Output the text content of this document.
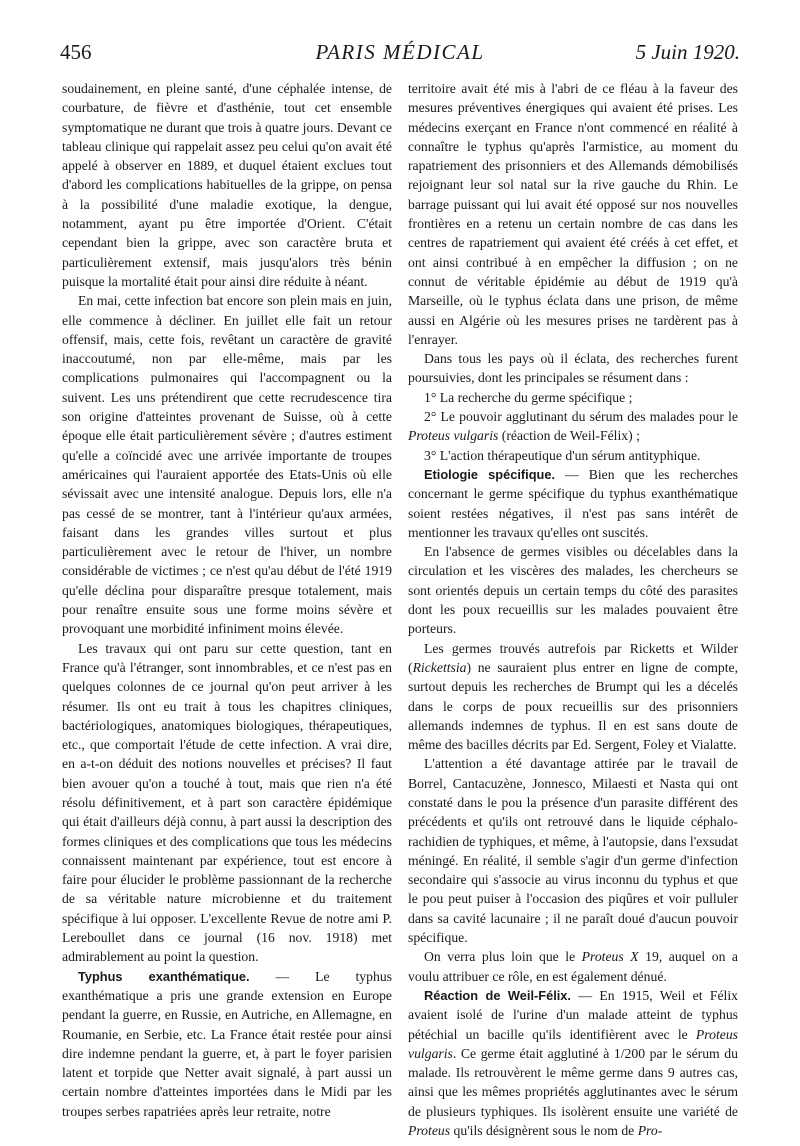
PARIS MÉDICAL
456	5 Juin 1920.

soudainement, en pleine santé, d'une céphalée intense, de courbature, de fièvre et d'asthénie, tout cet ensemble symptomatique ne durant que trois à quatre jours. Devant ce tableau clinique qui rappelait assez peu celui qu'on avait été appelé à observer en 1889, et duquel étaient exclues tout d'abord les complications habituelles de la grippe, on pensa à la possibilité d'une maladie exotique, la dengue, notamment, ayant pu être importée d'Orient. C'était cependant bien la grippe, avec son caractère bruta et particulièrement extensif, mais jusqu'alors très bénin puisque la mortalité était pour ainsi dire réduite à néant.

En mai, cette infection bat encore son plein mais en juin, elle commence à décliner. En juillet elle fait un retour offensif, mais, cette fois, revêtant un caractère de gravité inaccoutumé, non par elle-même, mais par les complications pulmonaires qui l'accompagnent ou la suivent. Les uns prétendirent que cette recrudescence tira son origine d'atteintes provenant de Suisse, où à cette époque elle était particulièrement sévère ; d'autres estiment qu'elle a coïncidé avec une arrivée importante de troupes américaines qui l'auraient apportée des Etats-Unis où elle sévissait avec une intensité analogue. Depuis lors, elle n'a pas cessé de se montrer, tant à l'intérieur qu'aux armées, faisant dans les grandes villes surtout et plus particulièrement avec le retour de l'hiver, un nombre considérable de victimes ; ce n'est qu'au début de l'été 1919 qu'elle déclina pour disparaître presque totalement, mais pour renaître ensuite sous une forme moins sévère et provoquant une morbidité infiniment moins élevée.

Les travaux qui ont paru sur cette question, tant en France qu'à l'étranger, sont innombrables, et ce n'est pas en quelques colonnes de ce journal qu'on peut arriver à les résumer. Ils ont eu trait à tous les chapitres cliniques, bactériologiques, anatomiques biologiques, thérapeutiques, etc., que comportait l'étude de cette infection. A vrai dire, en a-t-on déduit des notions nouvelles et précises? Il faut bien avouer qu'on a touché à tout, mais que rien n'a été résolu définitivement, et à part son caractère épidémique qui était d'ailleurs déjà connu, à part aussi la description des formes cliniques et des complications que tous les médecins connaissent maintenant par expérience, tout est encore à faire pour élucider le problème passionnant de la recherche de sa véritable nature microbienne et du traitement spécifique à lui opposer. L'excellente Revue de notre ami P. Lereboullet dans ce journal (16 nov. 1918) met admirablement au point la question.

Typhus exanthématique. — Le typhus exanthématique a pris une grande extension en Europe pendant la guerre, en Russie, en Autriche, en Allemagne, en Roumanie, en Serbie, etc. La France était restée pour ainsi dire indemne pendant la guerre, et, à part le foyer parisien latent et torpide que Netter avait signalé, à part aussi un certain nombre d'atteintes importées dans le Midi par les troupes serbes rapatriées après leur retraite, notre

territoire avait été mis à l'abri de ce fléau à la faveur des mesures préventives énergiques qui avaient été prises. Les médecins exerçant en France n'ont commencé en réalité à connaître le typhus qu'après l'armistice, au moment du rapatriement des prisonniers et des Allemands démobilisés rejoignant leur sol natal sur la rive gauche du Rhin. Le barrage puissant qui lui avait été opposé sur nos nouvelles frontières en a retenu un certain nombre de cas dans les centres de rapatriement qui avaient été créés à cet effet, et ont ainsi contribué à en empêcher la diffusion ; on ne connut de véritable épidémie au début de 1919 qu'à Marseille, où le typhus éclata dans une prison, de même aussi en Algérie où les mesures prises ne tardèrent pas à l'enrayer.

Dans tous les pays où il éclata, des recherches furent poursuivies, dont les principales se résument dans :

1° La recherche du germe spécifique ;

2° Le pouvoir agglutinant du sérum des malades pour le Proteus vulgaris (réaction de Weil-Félix) ;

3° L'action thérapeutique d'un sérum antityphique.

Etiologie spécifique. — Bien que les recherches concernant le germe spécifique du typhus exanthématique soient restées négatives, il n'est pas sans intérêt de mentionner les travaux qu'elles ont suscités.

En l'absence de germes visibles ou décelables dans la circulation et les viscères des malades, les chercheurs se sont orientés depuis un certain temps du côté des parasites dont les poux recueillis sur les malades pouvaient être porteurs.

Les germes trouvés autrefois par Ricketts et Wilder (Rickettsia) ne sauraient plus entrer en ligne de compte, surtout depuis les recherches de Brumpt qui les a décelés dans le corps de poux recueillis sur des prisonniers allemands indemnes de typhus. Il en est sans doute de même des bacilles décrits par Ed. Sergent, Foley et Vialatte.

L'attention a été davantage attirée par le travail de Borrel, Cantacuzène, Jonnesco, Milaesti et Nasta qui ont constaté dans le pou la présence d'un parasite différent des précédents et qu'ils ont retrouvé dans le liquide céphalo-rachidien de typhiques, et même, à l'autopsie, dans l'exsudat méningé. En réalité, il semble s'agir d'un germe d'infection secondaire qui s'associe au virus inconnu du typhus et que le pou peut puiser à l'occasion des piqûres et voir pulluler dans sa cavité lacunaire ; il ne paraît doué d'aucun pouvoir spécifique.

On verra plus loin que le Proteus X 19, auquel on a voulu attribuer ce rôle, en est également dénué.

Réaction de Weil-Félix. — En 1915, Weil et Félix avaient isolé de l'urine d'un malade atteint de typhus pétéchial un bacille qu'ils identifièrent avec le Proteus vulgaris. Ce germe était agglutiné à 1/200 par le sérum du malade. Ils retrouvèrent le même germe dans 9 autres cas, ainsi que les mêmes propriétés agglutinantes avec le sérum de plusieurs typhiques. Ils isolèrent ensuite une variété de Proteus qu'ils désignèrent sous le nom de Pro-
